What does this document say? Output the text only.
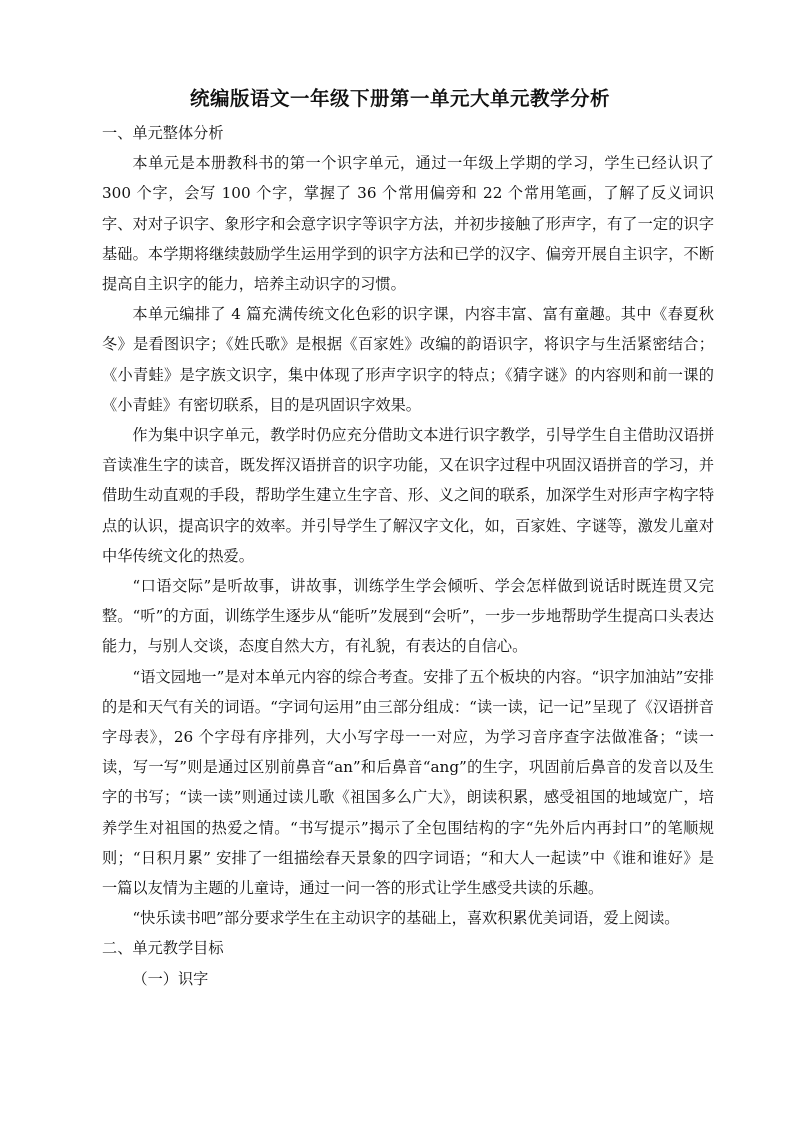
统编版语文一年级下册第一单元大单元教学分析

一、单元整体分析

本单元是本册教科书的第一个识字单元，通过一年级上学期的学习，学生已经认识了 300 个字，会写 100 个字，掌握了 36 个常用偏旁和 22 个常用笔画，了解了反义词识字、对对子识字、象形字和会意字识字等识字方法，并初步接触了形声字，有了一定的识字基础。本学期将继续鼓励学生运用学到的识字方法和已学的汉字、偏旁开展自主识字，不断提高自主识字的能力，培养主动识字的习惯。

本单元编排了 4 篇充满传统文化色彩的识字课，内容丰富、富有童趣。其中《春夏秋冬》是看图识字；《姓氏歌》是根据《百家姓》改编的韵语识字，将识字与生活紧密结合；《小青蛙》是字族文识字，集中体现了形声字识字的特点；《猜字谜》的内容则和前一课的《小青蛙》有密切联系，目的是巩固识字效果。

作为集中识字单元，教学时仍应充分借助文本进行识字教学，引导学生自主借助汉语拼音读准生字的读音，既发挥汉语拼音的识字功能，又在识字过程中巩固汉语拼音的学习，并借助生动直观的手段，帮助学生建立生字音、形、义之间的联系，加深学生对形声字构字特点的认识，提高识字的效率。并引导学生了解汉字文化，如，百家姓、字谜等，激发儿童对中华传统文化的热爱。

“口语交际”是听故事，讲故事，训练学生学会倾听、学会怎样做到说话时既连贯又完整。“听”的方面，训练学生逐步从“能听”发展到“会听”，一步一步地帮助学生提高口头表达能力，与别人交谈，态度自然大方，有礼貌，有表达的自信心。

“语文园地一”是对本单元内容的综合考查。安排了五个板块的内容。“识字加油站”安排的是和天气有关的词语。“字词句运用”由三部分组成：“读一读，记一记”呈现了《汉语拼音字母表》，26 个字母有序排列，大小写字母一一对应，为学习音序查字法做准备；“读一读，写一写”则是通过区别前鼻音“an”和后鼻音“ang”的生字，巩固前后鼻音的发音以及生字的书写；“读一读”则通过读儿歌《祖国多么广大》，朗读积累，感受祖国的地域宽广，培养学生对祖国的热爱之情。“书写提示”揭示了全包围结构的字“先外后内再封口”的笔顺规则；“日积月累” 安排了一组描绘春天景象的四字词语；“和大人一起读”中《谁和谁好》是一篇以友情为主题的儿童诗，通过一问一答的形式让学生感受共读的乐趣。

“快乐读书吧”部分要求学生在主动识字的基础上，喜欢积累优美词语，爱上阅读。

二、单元教学目标

（一）识字
